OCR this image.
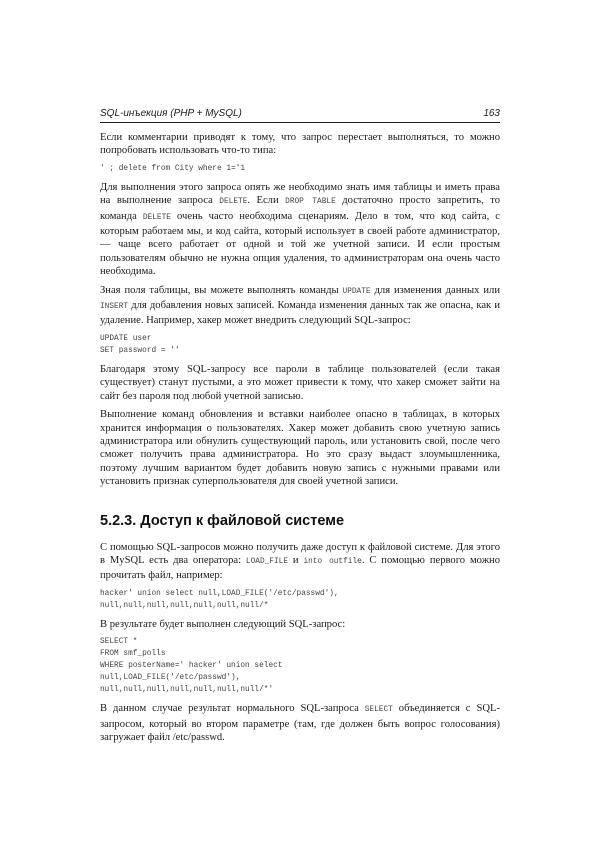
SQL-инъекция (PHP + MySQL)	163

Если комментарии приводят к тому, что запрос перестает выполняться, то можно попробовать использовать что-то типа:

' ; delete from City where 1='1

Для выполнения этого запроса опять же необходимо знать имя таблицы и иметь права на выполнение запроса DELETE. Если DROP TABLE достаточно просто запретить, то команда DELETE очень часто необходима сценариям. Дело в том, что код сайта, с которым работаем мы, и код сайта, который использует в своей работе администратор, — чаще всего работает от одной и той же учетной записи. И если простым пользователям обычно не нужна опция удаления, то администраторам она очень часто необходима.

Зная поля таблицы, вы можете выполнять команды UPDATE для изменения данных или INSERT для добавления новых записей. Команда изменения данных так же опасна, как и удаление. Например, хакер может внедрить следующий SQL-запрос:

UPDATE user
SET password = ''

Благодаря этому SQL-запросу все пароли в таблице пользователей (если такая существует) станут пустыми, а это может привести к тому, что хакер сможет зайти на сайт без пароля под любой учетной записью.

Выполнение команд обновления и вставки наиболее опасно в таблицах, в которых хранится информация о пользователях. Хакер может добавить свою учетную запись администратора или обнулить существующий пароль, или установить свой, после чего сможет получить права администратора. Но это сразу выдаст злоумышленника, поэтому лучшим вариантом будет добавить новую запись с нужными правами или установить признак суперпользователя для своей учетной записи.

5.2.3. Доступ к файловой системе

С помощью SQL-запросов можно получить даже доступ к файловой системе. Для этого в MySQL есть два оператора: LOAD_FILE и into outfile. С помощью первого можно прочитать файл, например:

hacker' union select null,LOAD_FILE('/etc/passwd'),
null,null,null,null,null,null,null/*

В результате будет выполнен следующий SQL-запрос:

SELECT *
FROM smf_polls
WHERE posterName=' hacker' union select
null,LOAD_FILE('/etc/passwd'),
null,null,null,null,null,null,null/*'

В данном случае результат нормального SQL-запроса SELECT объединяется с SQL-запросом, который во втором параметре (там, где должен быть вопрос голосования) загружает файл /etc/passwd.
